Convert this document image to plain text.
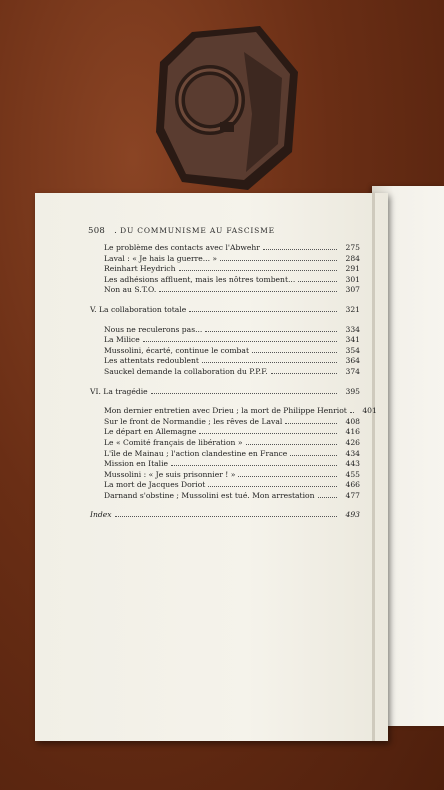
508 . DU COMMUNISME AU FASCISME
Le problème des contacts avec l'Abwehr	275
Laval : « Je hais la guerre... »	284
Reinhart Heydrich	291
Les adhésions affluent, mais les nôtres tombent...	301
Non au S.T.O.	307
V. La collaboration totale	321
Nous ne reculerons pas...	334
La Milice	341
Mussolini, écarté, continue le combat	354
Les attentats redoublent	364
Sauckel demande la collaboration du P.P.F.	374
VI. La tragédie	395
Mon dernier entretien avec Drieu ; la mort de Philippe Henriot	401
Sur le front de Normandie ; les rêves de Laval	408
Le départ en Allemagne	416
Le « Comité français de libération »	426
L'île de Mainau ; l'action clandestine en France	434
Mission en Italie	443
Mussolini : « Je suis prisonnier ! »	455
La mort de Jacques Doriot	466
Darnand s'obstine ; Mussolini est tué. Mon arrestation	477
Index	493
